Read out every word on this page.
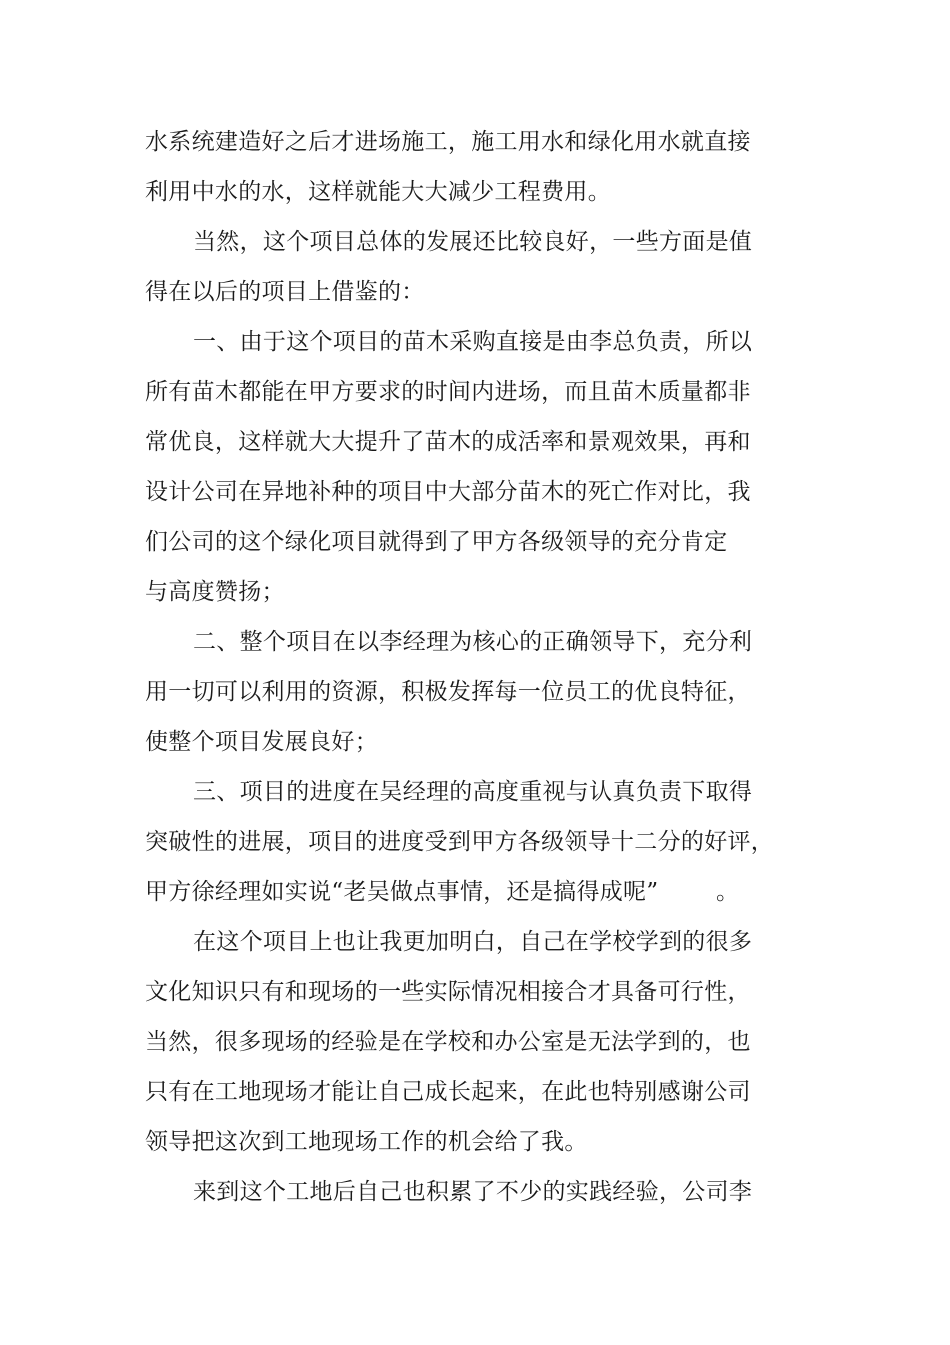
水系统建造好之后才进场施工，施工用水和绿化用水就直接
利用中水的水，这样就能大大减少工程费用。
当然，这个项目总体的发展还比较良好，一些方面是值
得在以后的项目上借鉴的：
一、由于这个项目的苗木采购直接是由李总负责，所以
所有苗木都能在甲方要求的时间内进场，而且苗木质量都非
常优良，这样就大大提升了苗木的成活率和景观效果，再和
设计公司在异地补种的项目中大部分苗木的死亡作对比，我
们公司的这个绿化项目就得到了甲方各级领导的充分肯定
与高度赞扬；
二、整个项目在以李经理为核心的正确领导下，充分利
用一切可以利用的资源，积极发挥每一位员工的优良特征，
使整个项目发展良好；
三、项目的进度在吴经理的高度重视与认真负责下取得
突破性的进展，项目的进度受到甲方各级领导十二分的好评，
甲方徐经理如实说“老吴做点事情，还是搞得成呢”	。
在这个项目上也让我更加明白，自己在学校学到的很多
文化知识只有和现场的一些实际情况相接合才具备可行性，
当然，很多现场的经验是在学校和办公室是无法学到的，也
只有在工地现场才能让自己成长起来，在此也特别感谢公司
领导把这次到工地现场工作的机会给了我。
来到这个工地后自己也积累了不少的实践经验，公司李
